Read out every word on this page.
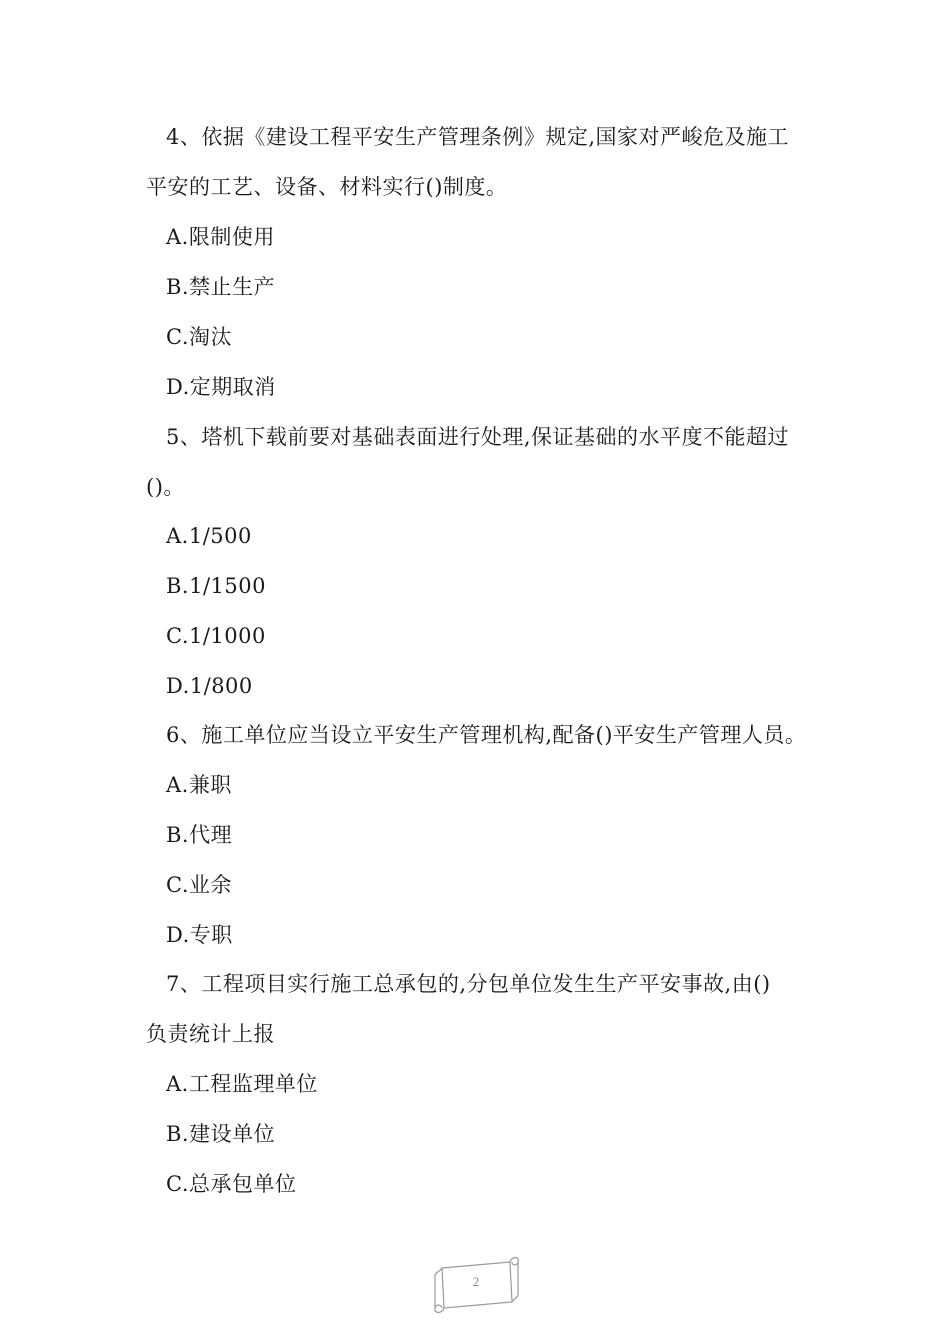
4、依据《建设工程平安生产管理条例》规定,国家对严峻危及施工
平安的工艺、设备、材料实行()制度。
A.限制使用
B.禁止生产
C.淘汰
D.定期取消
5、塔机下载前要对基础表面进行处理,保证基础的水平度不能超过
()。
A.1/500
B.1/1500
C.1/1000
D.1/800
6、施工单位应当设立平安生产管理机构,配备()平安生产管理人员。
A.兼职
B.代理
C.业余
D.专职
7、工程项目实行施工总承包的,分包单位发生生产平安事故,由()
负责统计上报
A.工程监理单位
B.建设单位
C.总承包单位
2
